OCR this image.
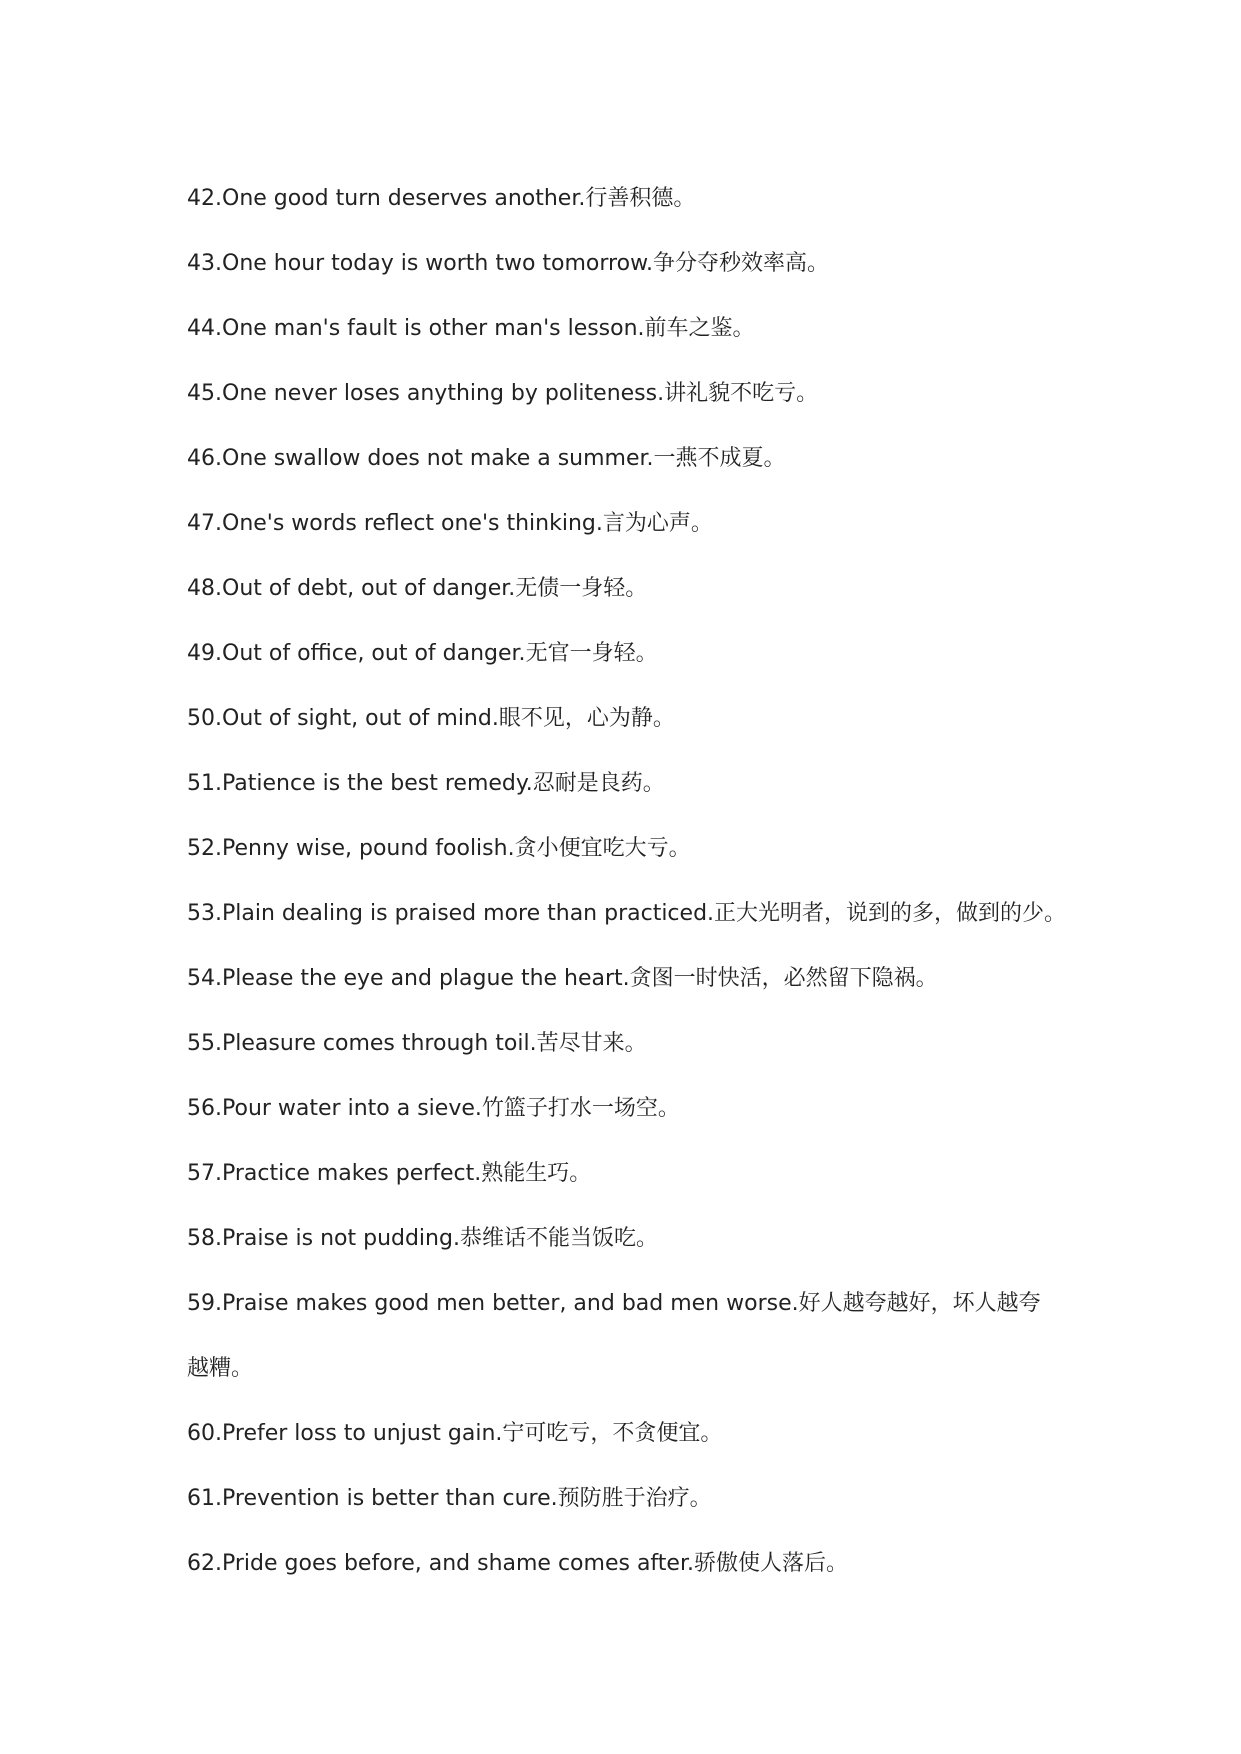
42.One good turn deserves another.行善积德。
43.One hour today is worth two tomorrow.争分夺秒效率高。
44.One man's fault is other man's lesson.前车之鉴。
45.One never loses anything by politeness.讲礼貌不吃亏。
46.One swallow does not make a summer.一燕不成夏。
47.One's words reflect one's thinking.言为心声。
48.Out of debt, out of danger.无债一身轻。
49.Out of office, out of danger.无官一身轻。
50.Out of sight, out of mind.眼不见，心为静。
51.Patience is the best remedy.忍耐是良药。
52.Penny wise, pound foolish.贪小便宜吃大亏。
53.Plain dealing is praised more than practiced.正大光明者，说到的多，做到的少。
54.Please the eye and plague the heart.贪图一时快活，必然留下隐祸。
55.Pleasure comes through toil.苦尽甘来。
56.Pour water into a sieve.竹篮子打水一场空。
57.Practice makes perfect.熟能生巧。
58.Praise is not pudding.恭维话不能当饭吃。
59.Praise makes good men better, and bad men worse.好人越夸越好，坏人越夸越糟。
60.Prefer loss to unjust gain.宁可吃亏，不贪便宜。
61.Prevention is better than cure.预防胜于治疗。
62.Pride goes before, and shame comes after.骄傲使人落后。
